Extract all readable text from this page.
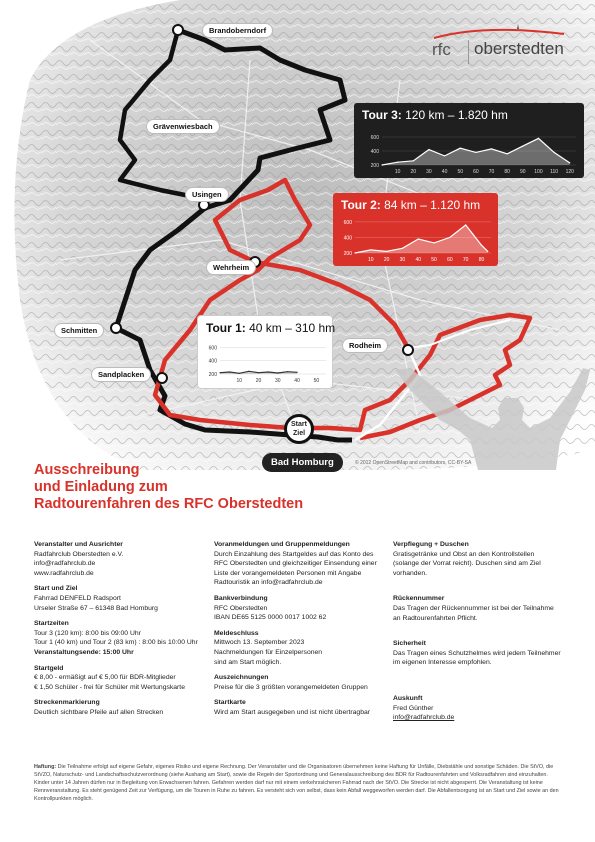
rfc oberstedten
Brandoberndorf
Grävenwiesbach
Usingen
Wehrheim
Schmitten
Sandplacken
Rodheim
Bad Homburg
Start
Ziel
Tour 3: 120 km – 1.820 hm
200
400
600
10 20 30 40 50 60 70 80 90 100 110 120
Tour 2: 84 km – 1.120 hm
200
400
600
10 20 30 40 50 60 70 80
Tour 1: 40 km – 310 hm
200
400
600
10	20	30	40	50
© 2012 OpenStreetMap and contributors, CC-BY-SA
Ausschreibung
und Einladung zum
Radtourenfahren des RFC Oberstedten
Veranstalter und Ausrichter

Radfahrclub Oberstedten e.V.
info@radfahrclub.de
www.radfahrclub.de

Start und Ziel

Fahrrad DENFELD Radsport
Urseler Straße 67 – 61348 Bad Homburg

Startzeiten

Tour 3 (120 km): 8:00 bis 09:00 Uhr
Tour 1 (40 km) und Tour 2 (83 km) : 8:00 bis 10:00 Uhr

Veranstaltungsende: 15:00 Uhr

Startgeld

€ 8,00 - ermäßigt auf € 5,00 für BDR-Mitglieder
€ 1,50 Schüler - frei für Schüler mit Wertungskarte

Streckenmarkierung

Deutlich sichtbare Pfeile auf allen Strecken

Voranmeldungen und Gruppenmeldungen

Durch Einzahlung des Startgeldes auf das Konto des
RFC Oberstedten und gleichzeitiger Einsendung einer
Liste der vorangemeldeten Personen mit Angabe
Radtouristik an info@radfahrclub.de

Bankverbindung

RFC Oberstedten
IBAN DE65 5125 0000 0017 1002 62

Meldeschluss

Mittwoch 13. September 2023
Nachmeldungen für Einzelpersonen
sind am Start möglich.

Auszeichnungen

Preise für die 3 größten vorangemeldeten Gruppen

Startkarte

Wird am Start ausgegeben und ist nicht übertragbar

Verpflegung + Duschen

Gratisgetränke und Obst an den Kontrollstellen
(solange der Vorrat reicht). Duschen sind am Ziel
vorhanden.

Rückennummer

Das Tragen der Rückennummer ist bei der Teilnahme
an Radtourenfahrten Pflicht.

Sicherheit

Das Tragen eines Schutzhelmes wird jedem Teilnehmer
im eigenen Interesse empfohlen.

Auskunft

Fred Günther

info@radfahrclub.de

Haftung: Die Teilnahme erfolgt auf eigene Gefahr, eigenes Risiko und eigene Rechnung. Der Veranstalter und die Organisatoren übernehmen keine Haftung für Unfälle, Diebstähle und sonstige Schäden. Die StVO, die StVZO, Naturschutz- und Landschaftsschutzverordnung (siehe Aushang am Start), sowie die Regeln der Sportordnung und Generalausschreibung des BDR für Radtourenfahrten und Volksradfahren sind einzuhalten. Kinder unter 14 Jahren dürfen nur in Begleitung von Erwachsenen fahren. Gefahren werden darf nur mit einem verkehrssicheren Fahrrad nach der StVO. Die Strecke ist nicht abgesperrt. Die Veranstaltung ist keine Rennveranstaltung. Es steht genügend Zeit zur Verfügung, um die Touren in Ruhe zu fahren. Es versteht sich von selbst, dass kein Abfall weggeworfen werden darf. Die Abfallentsorgung ist an Start und Ziel sowie an den Kontrollpunkten möglich.
